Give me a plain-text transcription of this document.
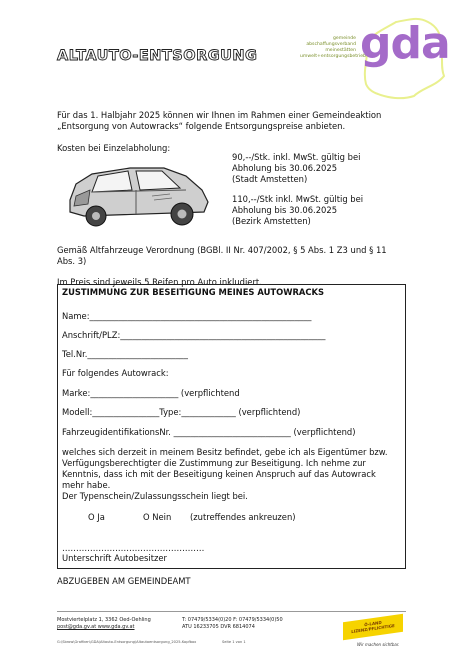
ALTAUTO-ENTSORGUNG
gemeinde
abschaffungsverband
meinestätten
umwelt+entsorgungsbetrieb
gda
Für das 1. Halbjahr 2025 können wir Ihnen im Rahmen einer Gemeindeaktion
„Entsorgung von Autowracks“ folgende Entsorgungspreise anbieten.
Kosten bei Einzelabholung:
90,--/Stk. inkl. MwSt. gültig bei
Abholung bis 30.06.2025
(Stadt Amstetten)
110,--/Stk inkl. MwSt. gültig bei
Abholung bis 30.06.2025
(Bezirk Amstetten)
Gemäß Altfahrzeuge Verordnung (BGBl. II Nr. 407/2002, § 5 Abs. 1 Z3 und § 11
Abs. 3)
Im Preis sind jeweils 5 Reifen pro Auto inkludiert.
ZUSTIMMUNG ZUR BESEITIGUNG MEINES AUTOWRACKS
Name:_____________________________________________________
Anschrift/PLZ:_________________________________________________
Tel.Nr.________________________
Für folgendes Autowrack:
Marke:_____________________ (verpflichtend
Modell:________________Type:_____________ (verpflichtend)
FahrzeugidentifikationsNr. ____________________________ (verpflichtend)
welches sich derzeit in meinem Besitz befindet, gebe ich als Eigentümer bzw.
Verfügungsberechtigter die Zustimmung zur Beseitigung. Ich nehme zur
Kenntnis, dass ich mit der Beseitigung keinen Anspruch auf das Autowrack
mehr habe.
Der Typenschein/Zulassungsschein liegt bei.
O Ja	O Nein (zutreffendes ankreuzen)
……………………………………………
Unterschrift Autobesitzer
ABZUGEBEN AM GEMEINDEAMT
Mostviertelplatz 1, 3362 Oed-Oehling
post@gda.gv.at www.gda.gv.at
T: 07479/5334(0)20 F: 07479/5334(0)50
ATU 16233705 DVR 6814074
G:\Sbrow\Grafiken\GDA\Altauto-Entsorgung\Altautoentsorgung_2025-Kopfbox	Seite 1 von 1
Ö-LAND LIZENZ/PFLICHTIGE
Wir machen sichtbar.
